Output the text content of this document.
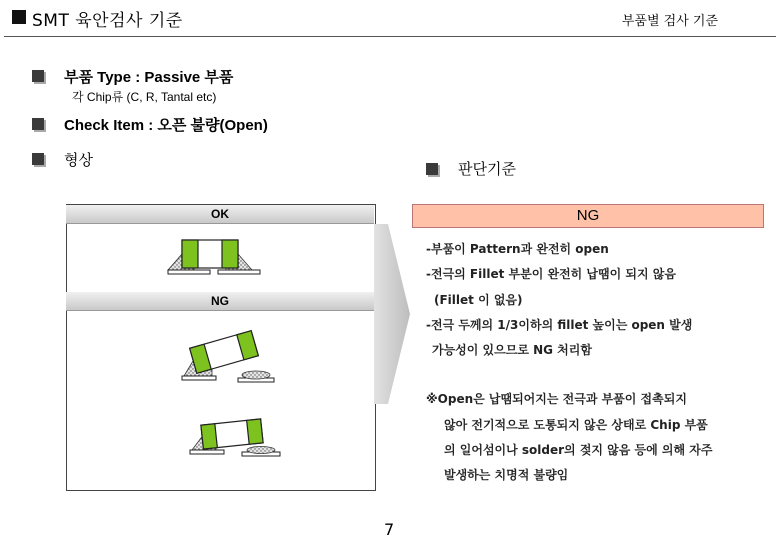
SMT 육안검사 기준	부품별 검사 기준
부품 Type : Passive 부품
각 Chip류 (C, R, Tantal etc)
Check Item : 오픈 불량(Open)
형상	판단기준
OK
NG
NG
-부품이 Pattern과 완전히 open
-전극의 Fillet 부분이 완전히 납땜이 되지 않음
(Fillet 이 없음)
-전극 두께의 1/3이하의 fillet 높이는 open 발생
가능성이 있으므로 NG 처리함
※Open은 납땜되어지는 전극과 부품이 접촉되지
않아 전기적으로 도통되지 않은 상태로 Chip 부품
의 일어섬이나 solder의 젖지 않음 등에 의해 자주
발생하는 치명적 불량임
7
